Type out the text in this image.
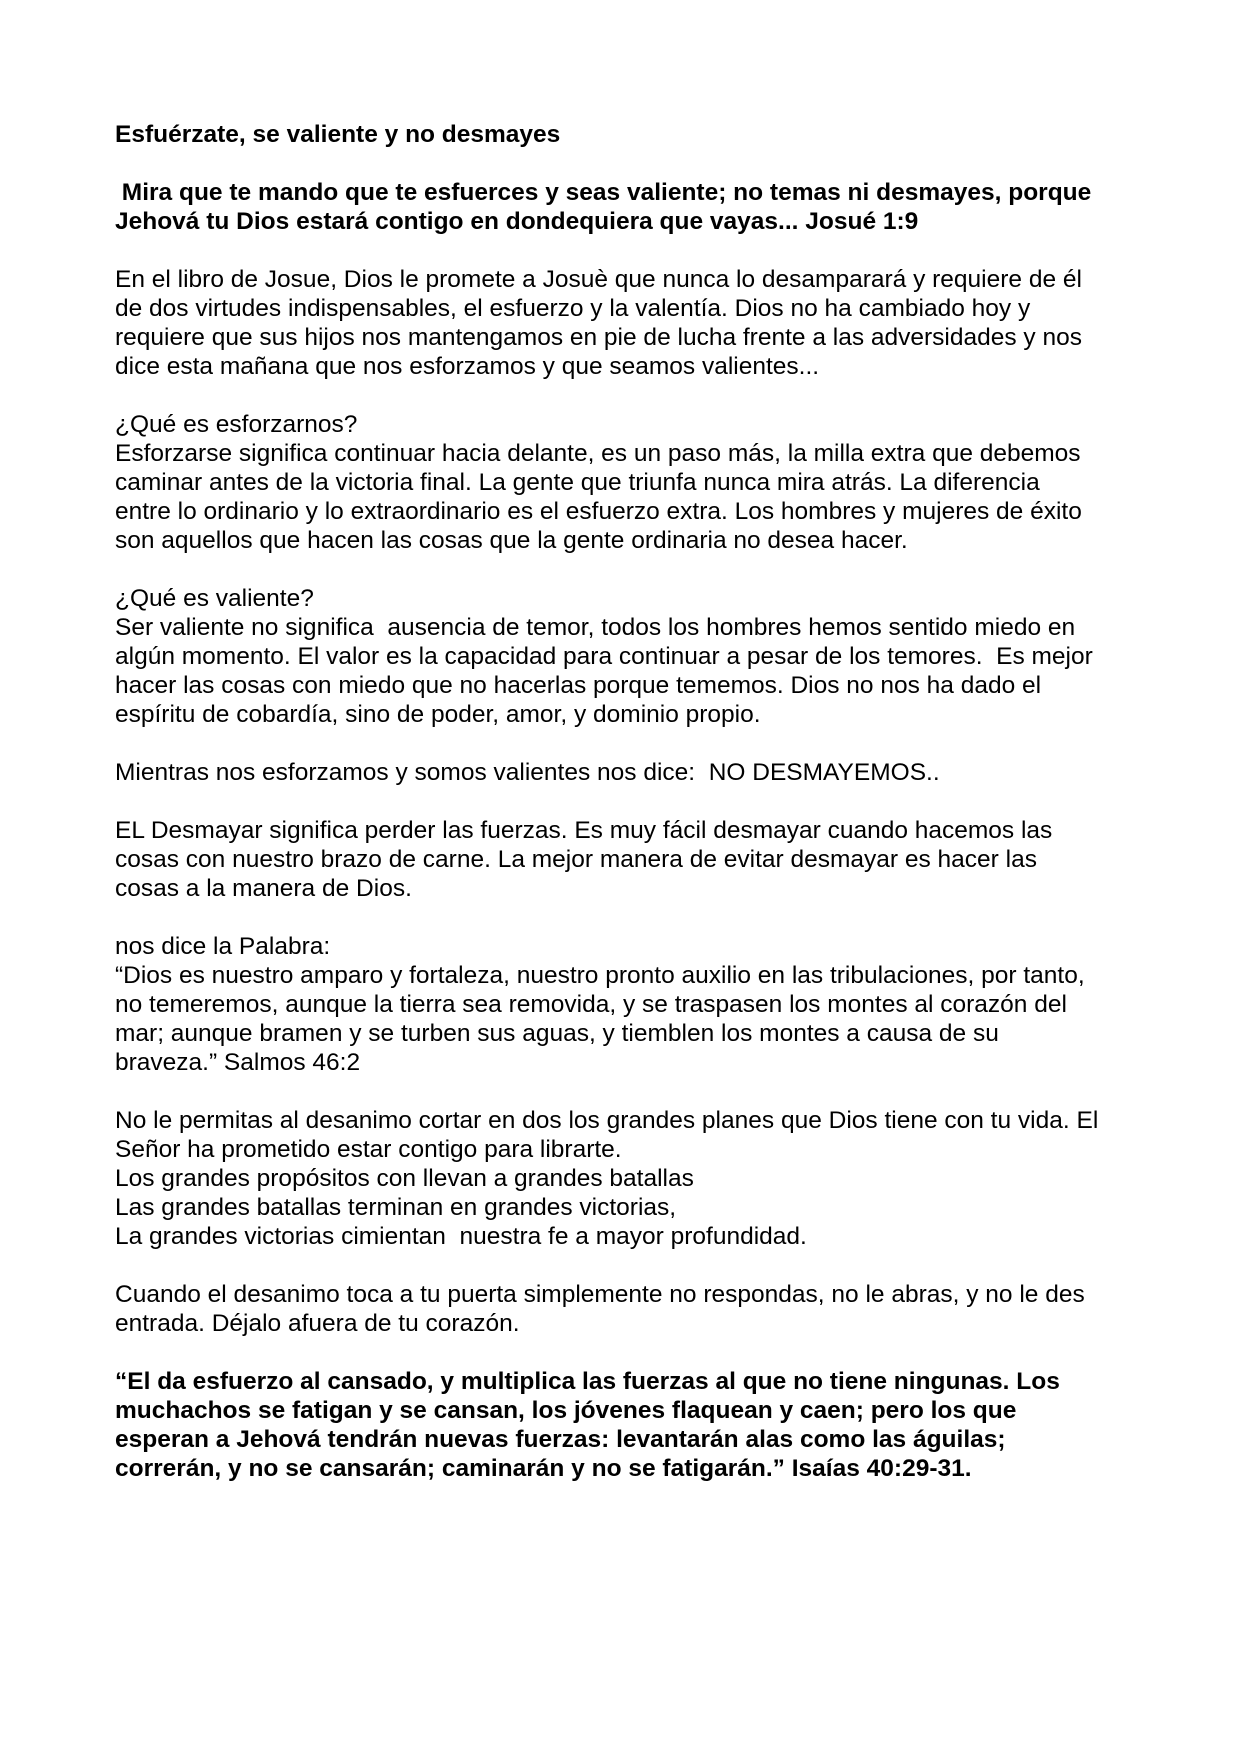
Esfuérzate, se valiente y no desmayes

Mira que te mando que te esfuerces y seas valiente; no temas ni desmayes, porque
Jehová tu Dios estará contigo en dondequiera que vayas... Josué 1:9

En el libro de Josue, Dios le promete a Josuè que nunca lo desamparará y requiere de él
de dos virtudes indispensables, el esfuerzo y la valentía. Dios no ha cambiado hoy y
requiere que sus hijos nos mantengamos en pie de lucha frente a las adversidades y nos
dice esta mañana que nos esforzamos y que seamos valientes...

¿Qué es esforzarnos?
Esforzarse significa continuar hacia delante, es un paso más, la milla extra que debemos
caminar antes de la victoria final. La gente que triunfa nunca mira atrás. La diferencia
entre lo ordinario y lo extraordinario es el esfuerzo extra. Los hombres y mujeres de éxito
son aquellos que hacen las cosas que la gente ordinaria no desea hacer.

¿Qué es valiente?
Ser valiente no significa  ausencia de temor, todos los hombres hemos sentido miedo en
algún momento. El valor es la capacidad para continuar a pesar de los temores.  Es mejor
hacer las cosas con miedo que no hacerlas porque tememos. Dios no nos ha dado el
espíritu de cobardía, sino de poder, amor, y dominio propio.

Mientras nos esforzamos y somos valientes nos dice:  NO DESMAYEMOS..

EL Desmayar significa perder las fuerzas. Es muy fácil desmayar cuando hacemos las
cosas con nuestro brazo de carne. La mejor manera de evitar desmayar es hacer las
cosas a la manera de Dios.

nos dice la Palabra:
“Dios es nuestro amparo y fortaleza, nuestro pronto auxilio en las tribulaciones, por tanto,
no temeremos, aunque la tierra sea removida, y se traspasen los montes al corazón del
mar; aunque bramen y se turben sus aguas, y tiemblen los montes a causa de su
braveza.” Salmos 46:2

No le permitas al desanimo cortar en dos los grandes planes que Dios tiene con tu vida. El
Señor ha prometido estar contigo para librarte.
Los grandes propósitos con llevan a grandes batallas
Las grandes batallas terminan en grandes victorias,
La grandes victorias cimientan  nuestra fe a mayor profundidad.

Cuando el desanimo toca a tu puerta simplemente no respondas, no le abras, y no le des
entrada. Déjalo afuera de tu corazón.

“El da esfuerzo al cansado, y multiplica las fuerzas al que no tiene ningunas. Los
muchachos se fatigan y se cansan, los jóvenes flaquean y caen; pero los que
esperan a Jehová tendrán nuevas fuerzas: levantarán alas como las águilas;
correrán, y no se cansarán; caminarán y no se fatigarán.” Isaías 40:29-31.
